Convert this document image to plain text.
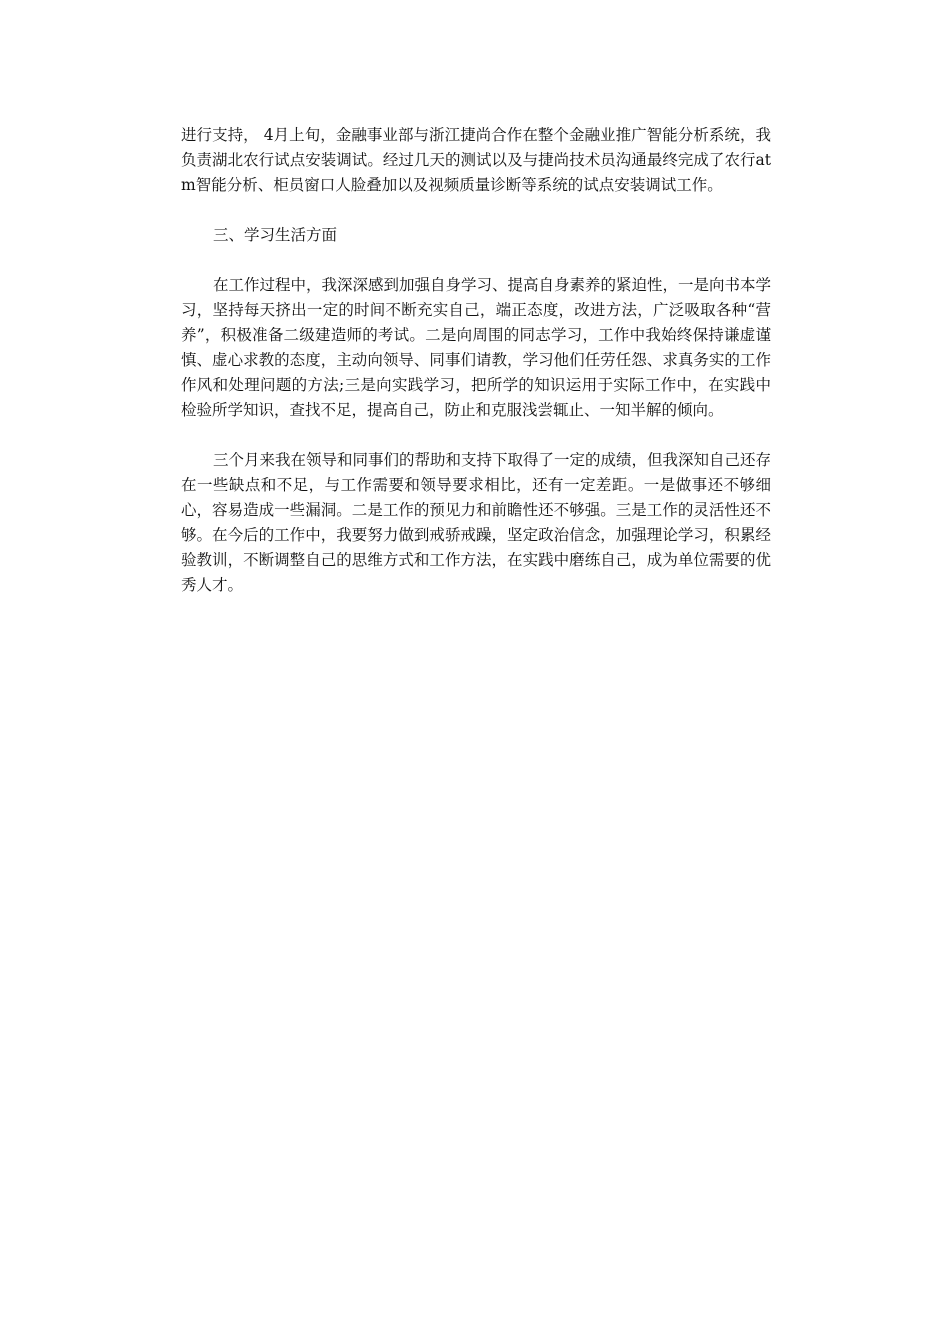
进行支持， 4月上旬，金融事业部与浙江捷尚合作在整个金融业推广智能分析系统，我负责湖北农行试点安装调试。经过几天的测试以及与捷尚技术员沟通最终完成了农行atm智能分析、柜员窗口人脸叠加以及视频质量诊断等系统的试点安装调试工作。

三、学习生活方面

在工作过程中，我深深感到加强自身学习、提高自身素养的紧迫性，一是向书本学习，坚持每天挤出一定的时间不断充实自己，端正态度，改进方法，广泛吸取各种“营养”，积极准备二级建造师的考试。二是向周围的同志学习，工作中我始终保持谦虚谨慎、虚心求教的态度，主动向领导、同事们请教，学习他们任劳任怨、求真务实的工作作风和处理问题的方法;三是向实践学习，把所学的知识运用于实际工作中，在实践中检验所学知识，查找不足，提高自己，防止和克服浅尝辄止、一知半解的倾向。

三个月来我在领导和同事们的帮助和支持下取得了一定的成绩，但我深知自己还存在一些缺点和不足，与工作需要和领导要求相比，还有一定差距。一是做事还不够细心，容易造成一些漏洞。二是工作的预见力和前瞻性还不够强。三是工作的灵活性还不够。在今后的工作中，我要努力做到戒骄戒躁，坚定政治信念，加强理论学习，积累经验教训，不断调整自己的思维方式和工作方法，在实践中磨练自己，成为单位需要的优秀人才。
